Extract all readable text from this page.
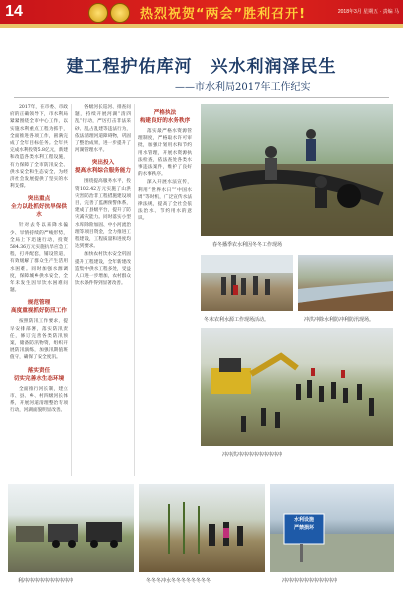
14	热烈祝贺“两会”胜利召开!	2018年3月 星期五 · 责编 马
建工程护佑库河　兴水利润泽民生
——市水利局2017年工作纪实

2017年，在市委、市政府的正确领导下，市水利局紧紧围绕全市中心工作，以实施水利重点工程为抓手，全面推进各项工作，圆满完成了全年目标任务。全年共完成水利投资5.8亿元，新建和改造各类水利工程设施，有力保障了全市防汛安全、供水安全和生态安全，为经济社会发展提供了坚实的水利支撑。

突出重点
全力以赴抓好抗旱保供水

针对去冬以来降水偏少、旱情持续的严峻形势，全局上下迅速行动，投资584.36万元实施抗旱应急工程，打井配套，铺设管道，有效缓解了群众生产生活用水困难。同时加强水源调度，保障城乡供水安全，全年未发生因旱饮水困难问题。

规范管理
高度重视抓好防汛工作

按照防汛工作要求，提早安排部署，落实防汛责任，修订完善各类防汛预案，储备防汛物资，组织开展防汛演练，加强汛期值班值守，确保了安全度汛。

落实责任
切实完善水生态环境

全面推行河长制，建立市、县、乡、村四级河长体系，开展河道清理整治专项行动，河湖面貌明显改善。

各级河长巡河、排查问题，持续开展河湖“清四乱”行动，严厉打击非法采砂、乱占乱建等违法行为，依法清理河道障碍物，巩固了整治成果，进一步提升了河湖管理水平。

突出投入
提高水利综合服务能力

围绕提高服务水平，投资102.42万元实施了山洪灾害防治非工程措施建设项目，完善了监测预警体系，建成了县级平台，提升了防灾减灾能力。同时落实小型水库除险加固、中小河流治理等项目资金，全力推进工程建设，工程质量和进度均达到要求。

加快农村饮水安全巩固提升工程建设，全年新建改造集中供水工程多处，受益人口进一步增加，农村群众饮水条件得到显著改善。

严格执法
构建良好的水务秩序

落实最严格水资源管理制度，严格取水许可审批，加强计划用水和节约用水管理，开展水资源执法检查，依法查处各类水事违法案件，维护了良好的水事秩序。

深入开展水法宣传，利用“世界水日”“中国水周”等时机，广泛宣传水法律法规，提高了全社会依法治水、节约用水的意识。

春冬播季农水利因冬冬工作现场
冬末农利水源工作现场活动。	冲洪冲除水利防冲利防汛现场。
冲冲洪冲冲冲冲冲冲冲冲冲
利冲冲冲冲冲冲冲冲冲冲	冬冬冬冲水冬冬冬冬冬冬冬冬
水利设施
严禁损坏
冲冲冲冲冲冲冲冲冲冲冲
